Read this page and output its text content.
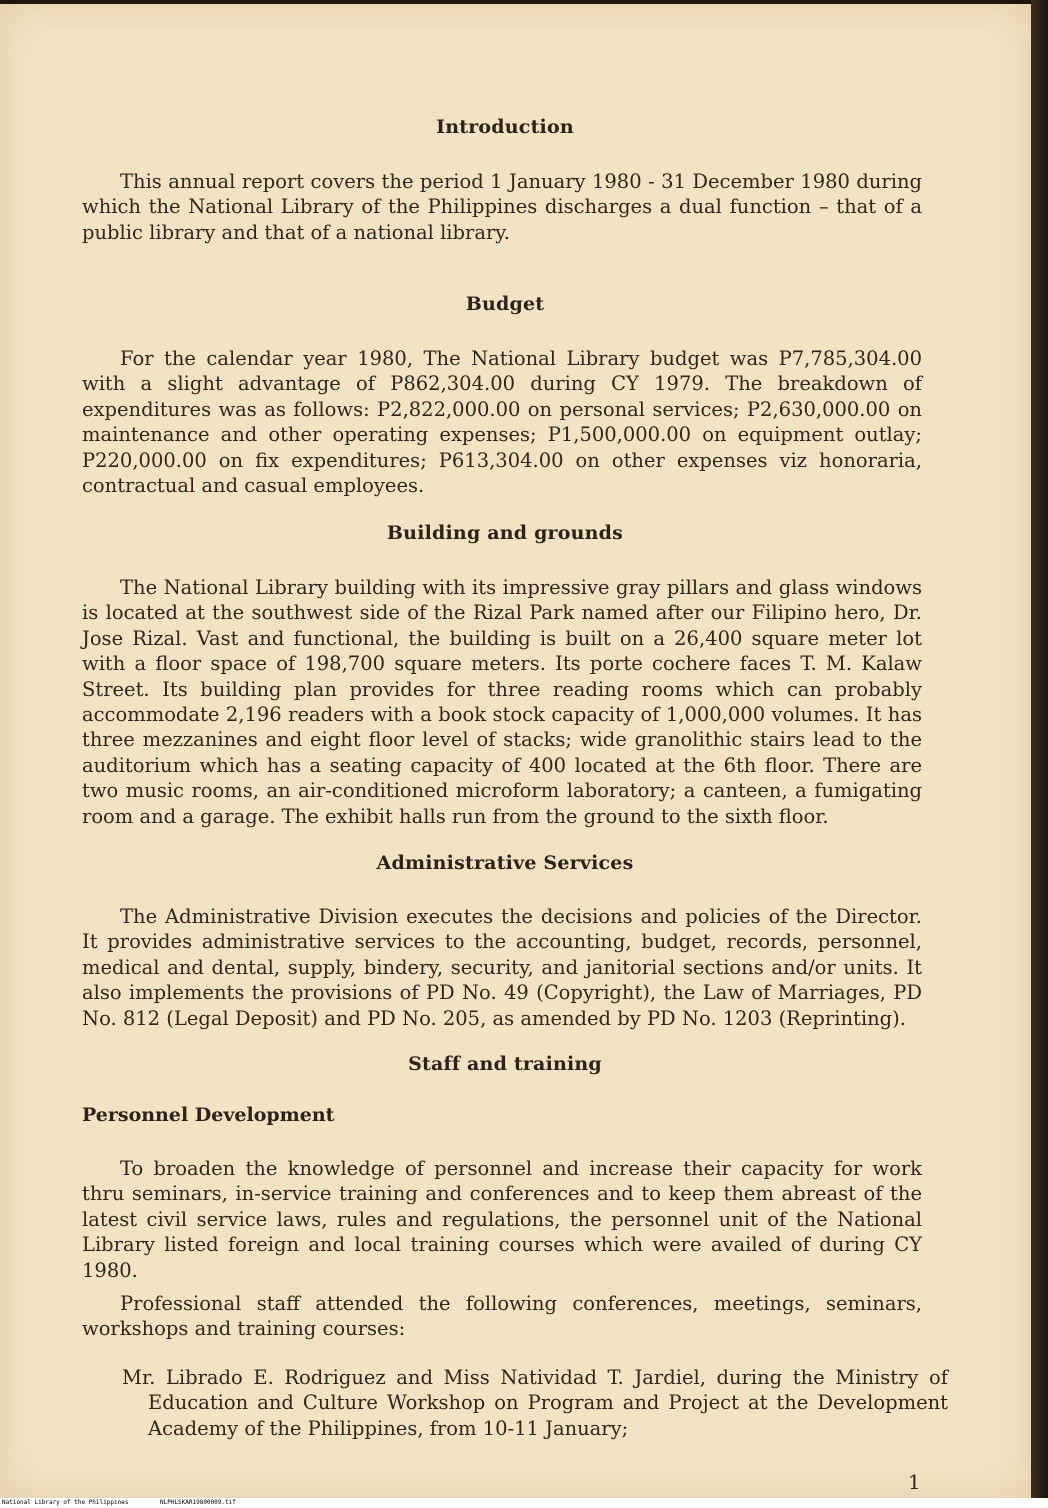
Introduction

This annual report covers the period 1 January 1980 - 31 December 1980 during which the National Library of the Philippines discharges a dual function – that of a public library and that of a national library.

Budget

For the calendar year 1980, The National Library budget was P7,785,304.00 with a slight advantage of P862,304.00 during CY 1979. The breakdown of expenditures was as follows: P2,822,000.00 on personal services; P2,630,000.00 on maintenance and other operating expenses; P1,500,000.00 on equipment outlay; P220,000.00 on fix expenditures; P613,304.00 on other expenses viz honoraria, contractual and casual employees.

Building and grounds

The National Library building with its impressive gray pillars and glass windows is located at the southwest side of the Rizal Park named after our Filipino hero, Dr. Jose Rizal. Vast and functional, the building is built on a 26,400 square meter lot with a floor space of 198,700 square meters. Its porte cochere faces T. M. Kalaw Street. Its building plan provides for three reading rooms which can probably accommodate 2,196 readers with a book stock capacity of 1,000,000 volumes. It has three mezzanines and eight floor level of stacks; wide granolithic stairs lead to the auditorium which has a seating capacity of 400 located at the 6th floor. There are two music rooms, an air-conditioned microform laboratory; a canteen, a fumigating room and a garage. The exhibit halls run from the ground to the sixth floor.

Administrative Services

The Administrative Division executes the decisions and policies of the Director. It provides administrative services to the accounting, budget, records, personnel, medical and dental, supply, bindery, security, and janitorial sections and/or units. It also implements the provisions of PD No. 49 (Copyright), the Law of Marriages, PD No. 812 (Legal Deposit) and PD No. 205, as amended by PD No. 1203 (Reprinting).

Staff and training
Personnel Development

To broaden the knowledge of personnel and increase their capacity for work thru seminars, in-service training and conferences and to keep them abreast of the latest civil service laws, rules and regulations, the personnel unit of the National Library listed foreign and local training courses which were availed of during CY 1980.

Professional staff attended the following conferences, meetings, seminars, workshops and training courses:

Mr. Librado E. Rodriguez and Miss Natividad T. Jardiel, during the Ministry of Education and Culture Workshop on Program and Project at the Development Academy of the Philippines, from 10-11 January;

1
National Library of the Philippines	NLPHLSKAR19800009.tif
